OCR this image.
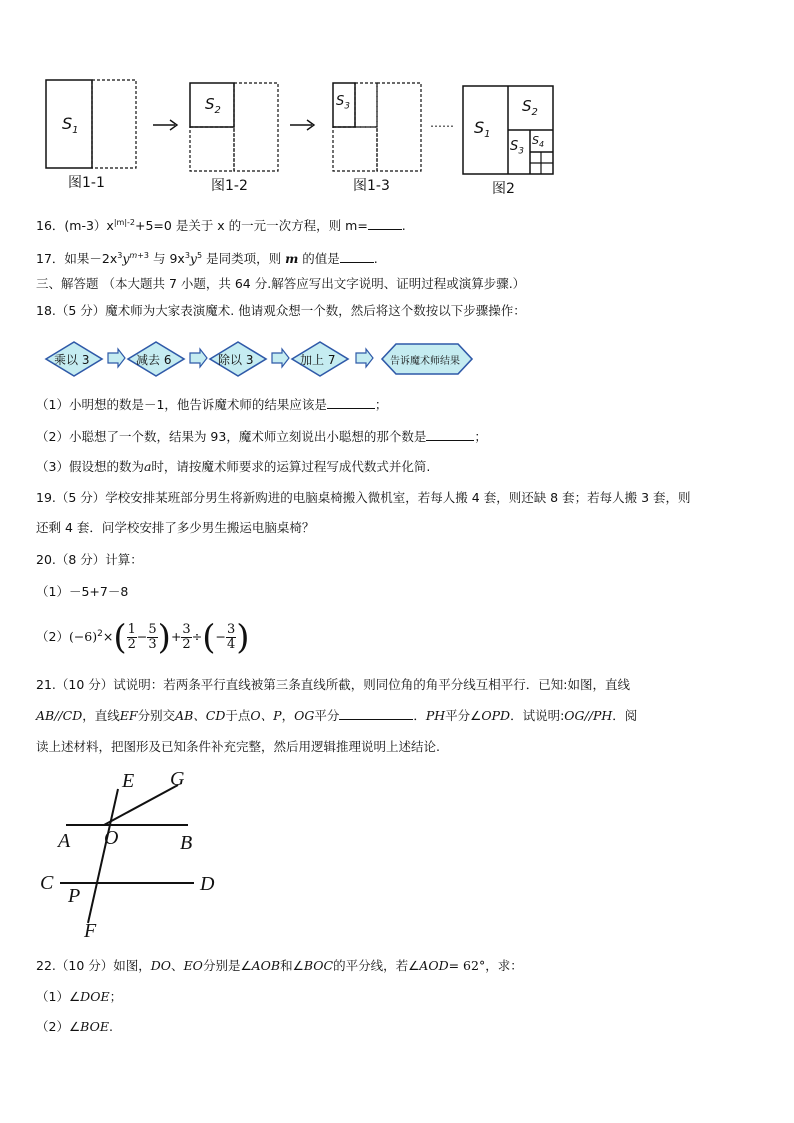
$S_1$
$S_2$
$S_3$
…… $S_1$
$S_2$
$S_3$
$S_4$
图1-1	图1-2	图1-3	图2
16．$(m-3)x^{|m|-2}+5=0$ 是关于 x 的一元一次方程，则 m=	.
17．如果$-2x^3y^{m+3}$ 与 $9x^3y^5$ 是同类项，则 m 的值是	.
三、解答题 （本大题共 7 小题，共 64 分.解答应写出文字说明、证明过程或演算步骤.）
18.（5 分）魔术师为大家表演魔术. 他请观众想一个数，然后将这个数按以下步骤操作：
乘以 3	减去 6	除以 3	加上 7	告诉魔术师结果
（1）小明想的数是－1，他告诉魔术师的结果应该是	；
（2）小聪想了一个数，结果为 93，魔术师立刻说出小聪想的那个数是	；
（3）假设想的数为a时，请按魔术师要求的运算过程写成代数式并化简.
19.（5 分）学校安排某班部分男生将新购进的电脑桌椅搬入微机室，若每人搬 4 套，则还缺 8 套；若每人搬 3 套，则
还剩 4 套．问学校安排了多少男生搬运电脑桌椅？
20.（8 分）计算：
（1）－5+7－8
$(2)(-6)^2\times( \frac{1}{2} - \frac{5}{3}$ )+ $\frac{3}{2}$ ÷(− $\frac{3}{4}$ )
21.（10 分）试说明：若两条平行直线被第三条直线所截，则同位角的角平分线互相平行．已知:如图，直线
AB//CD，直线EF分别交AB、CD于点O、P，OG平分	．PH平分∠OPD．试说明:OG//PH．阅
读上述材料，把图形及已知条件补充完整，然后用逻辑推理说明上述结论.
E G
A O	B
C	D
P
F
22.（10 分）如图，DO、EO分别是∠AOB和∠BOC的平分线，若∠AOD= 62°，求：
（1）∠DOE；
（2）∠BOE.
